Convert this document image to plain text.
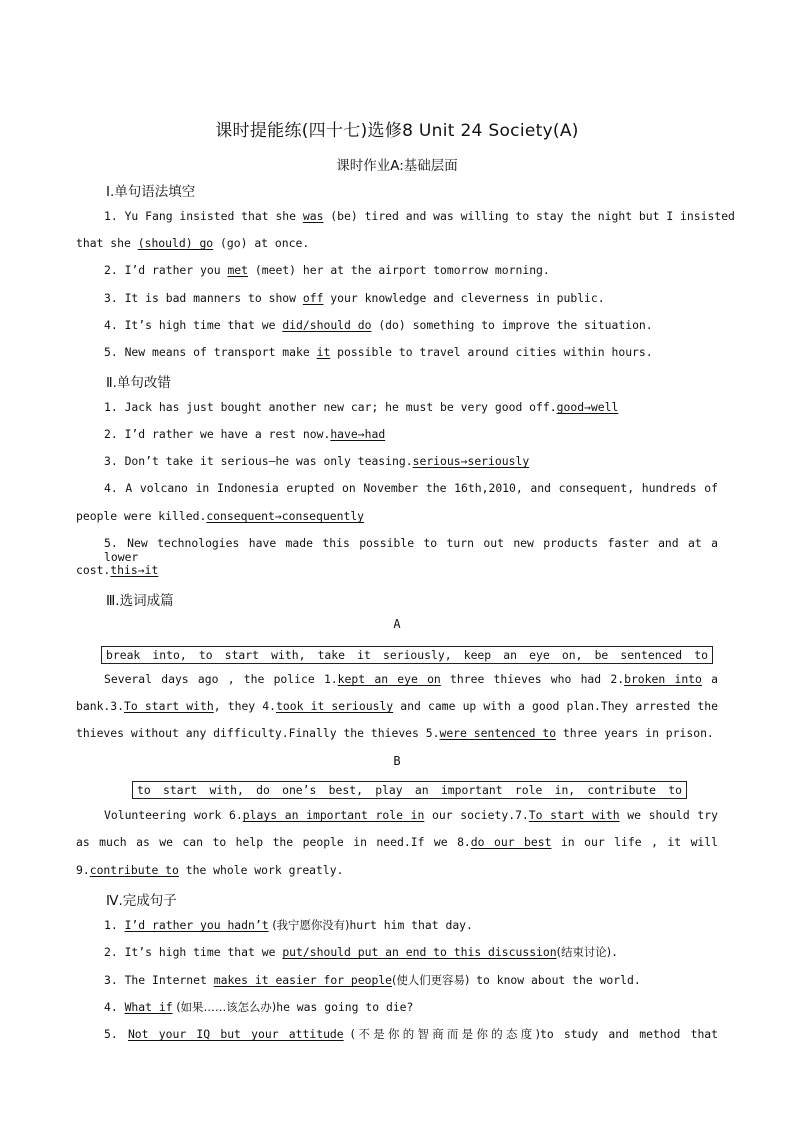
课时提能练(四十七)选修8 Unit 24 Society(A)
课时作业A:基础层面
Ⅰ.单句语法填空
1. Yu Fang insisted that she was (be) tired and was willing to stay the night but I insisted
that she (should) go (go) at once.
2. I’d rather you met (meet) her at the airport tomorrow morning.
3. It is bad manners to show off your knowledge and cleverness in public.
4. It’s high time that we did/should do (do) something to improve the situation.
5. New means of transport make it possible to travel around cities within hours.
Ⅱ.单句改错
1. Jack has just bought another new car; he must be very good off.good→well
2. I’d rather we have a rest now.have→had
3. Don’t take it serious—he was only teasing.serious→seriously
4. A volcano in Indonesia erupted on November the 16th,2010, and consequent, hundreds of
people were killed.consequent→consequently
5. New technologies have made this possible to turn out new products faster and at a lower
cost.this→it
Ⅲ.选词成篇
A
break into, to start with, take it seriously, keep an eye on, be sentenced to
Several days ago , the police 1.kept an eye on three thieves who had 2.broken into a
bank.3.To start with, they 4.took it seriously and came up with a good plan.They arrested the
thieves without any difficulty.Finally the thieves 5.were sentenced to three years in prison.
B
to start with, do one’s best, play an important role in, contribute to
Volunteering work 6.plays an important role in our society.7.To start with we should try
as much as we can to help the people in need.If we 8.do our best in our life , it will
9.contribute to the whole work greatly.
Ⅳ.完成句子
1. I’d rather you hadn’t (我宁愿你没有)hurt him that day.
2. It’s high time that we put/should put an end to this discussion(结束讨论).
3. The Internet makes it easier for people(使人们更容易) to know about the world.
4. What if (如果……该怎么办)he was going to die?
5. Not your IQ but your attitude (不是你的智商而是你的态度)to study and method that
